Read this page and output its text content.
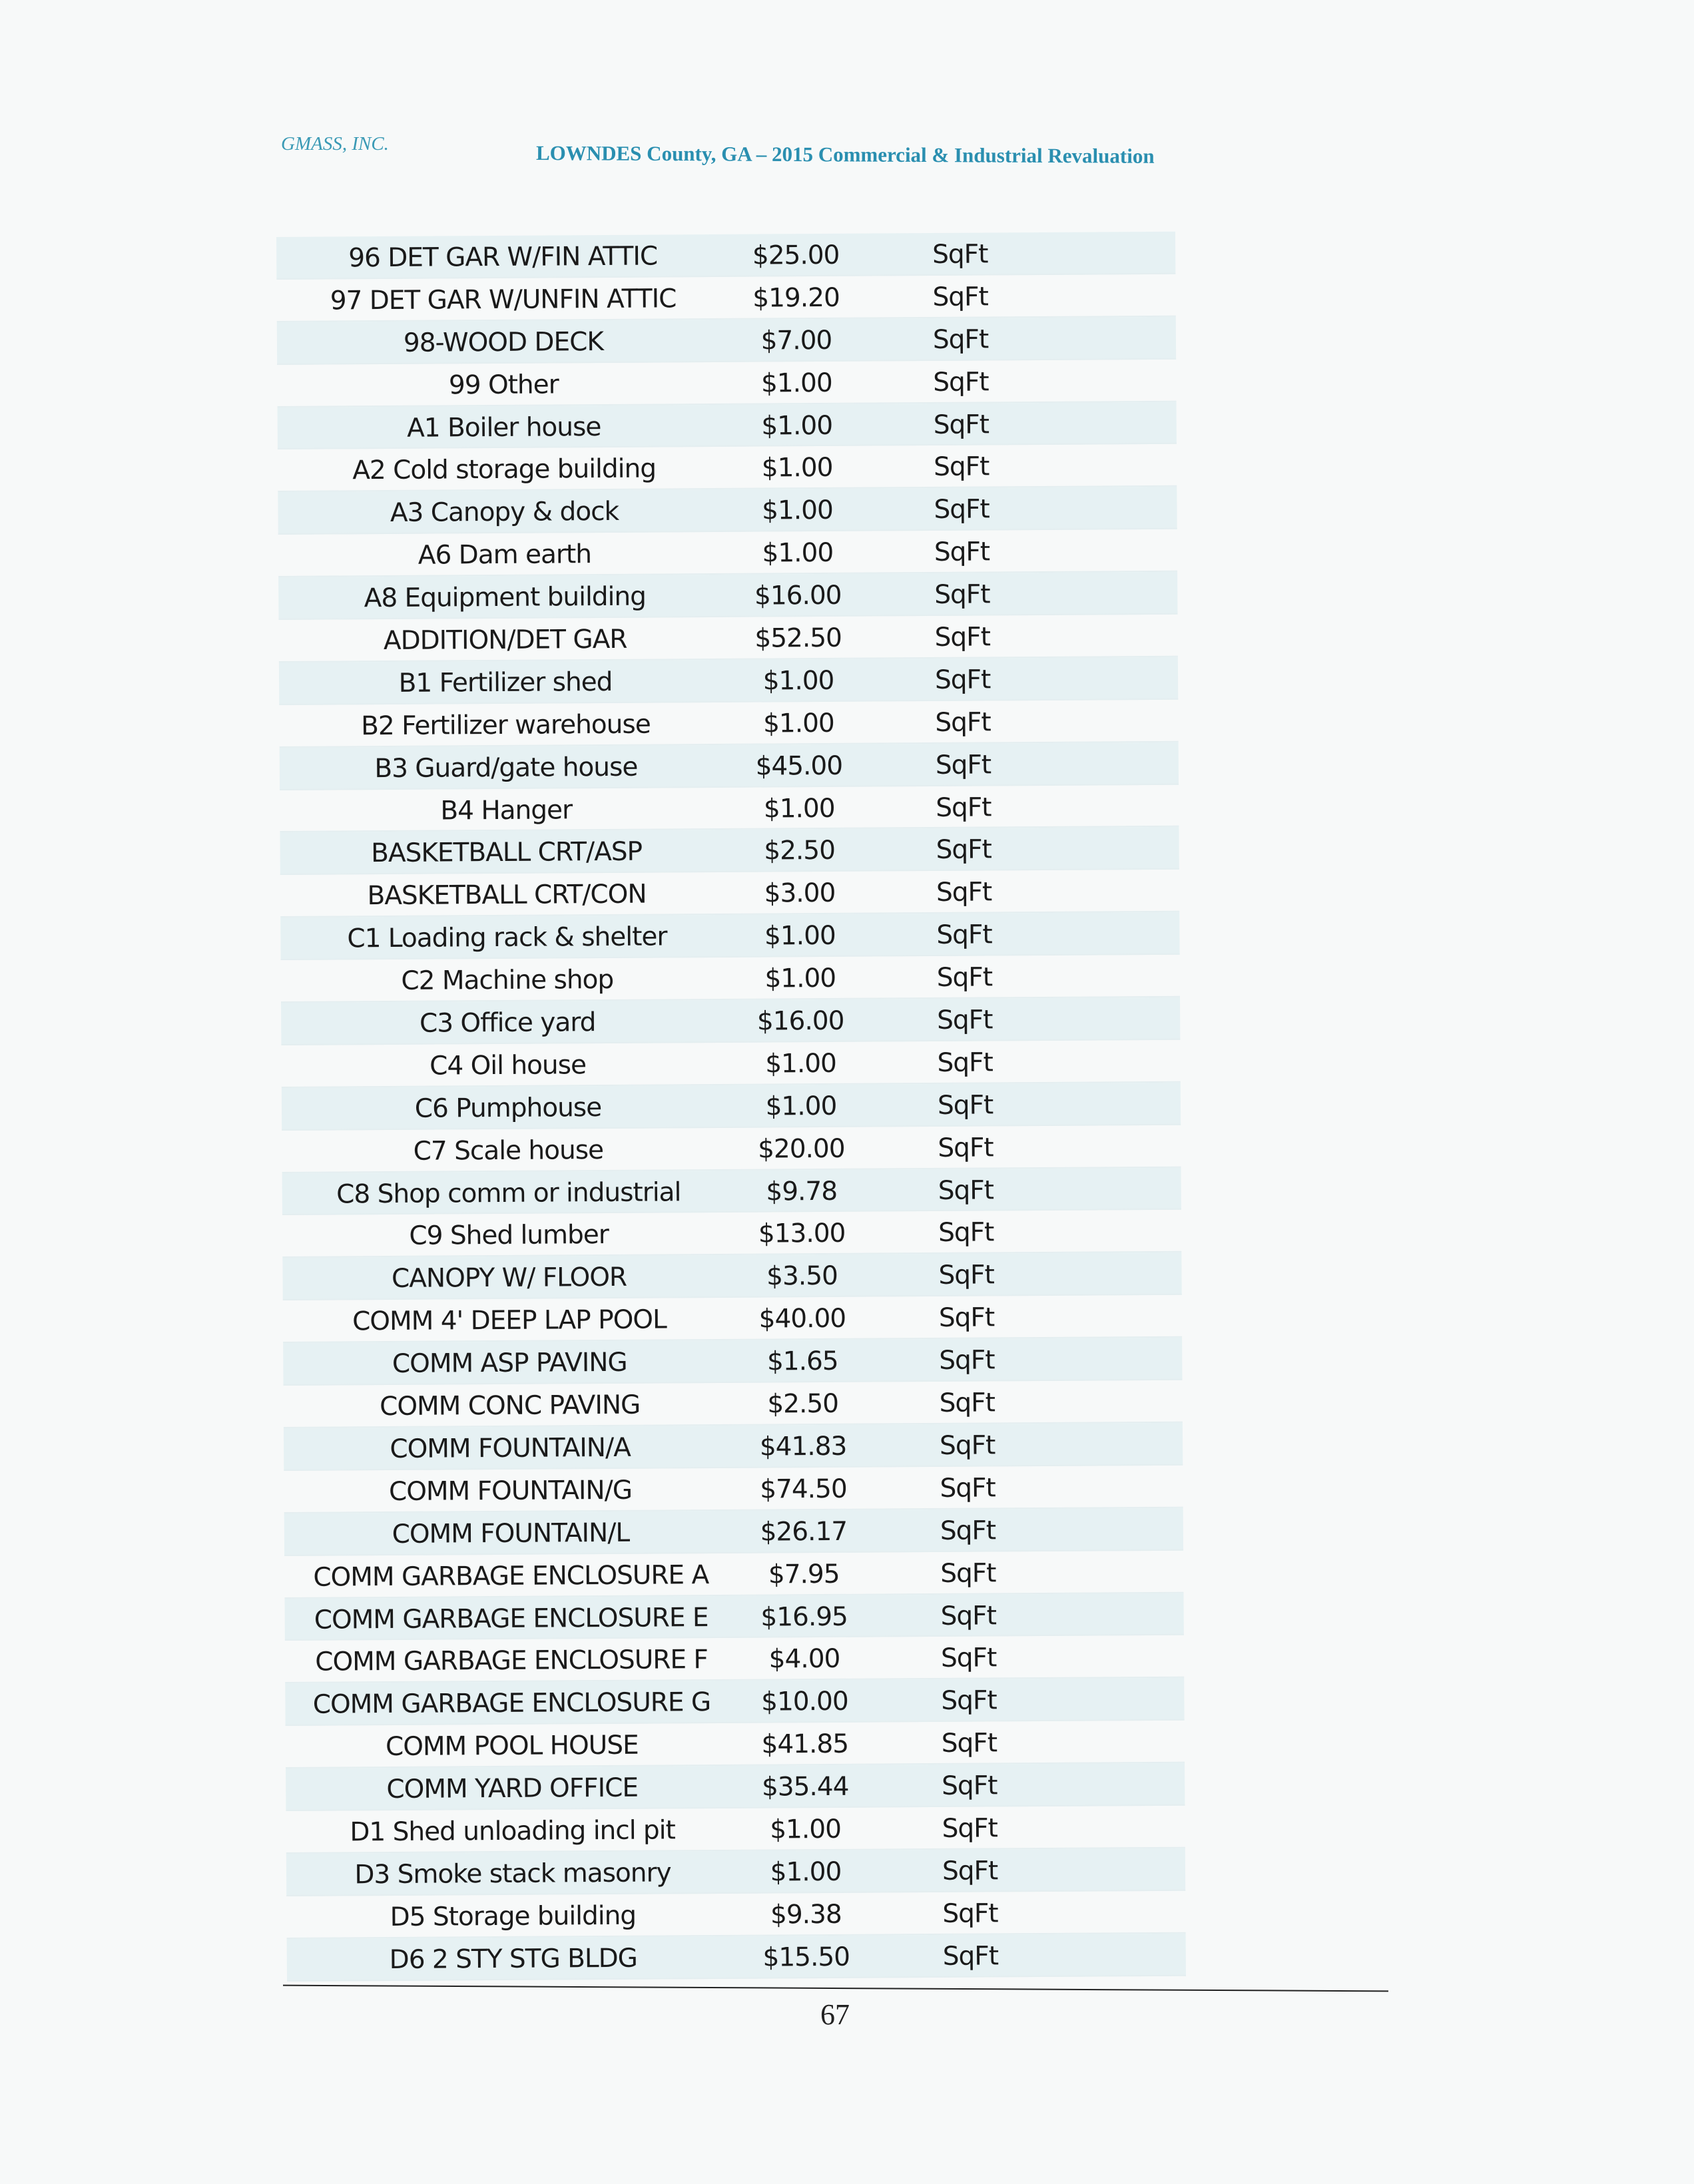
GMASS, INC.	LOWNDES County, GA – 2015 Commercial & Industrial Revaluation
96 DET GAR W/FIN ATTIC	$25.00	SqFt
97 DET GAR W/UNFIN ATTIC	$19.20	SqFt
98-WOOD DECK	$7.00	SqFt
99 Other	$1.00	SqFt
A1 Boiler house	$1.00	SqFt
A2 Cold storage building	$1.00	SqFt
A3 Canopy & dock	$1.00	SqFt
A6 Dam earth	$1.00	SqFt
A8 Equipment building	$16.00	SqFt
ADDITION/DET GAR	$52.50	SqFt
B1 Fertilizer shed	$1.00	SqFt
B2 Fertilizer warehouse	$1.00	SqFt
B3 Guard/gate house	$45.00	SqFt
B4 Hanger	$1.00	SqFt
BASKETBALL CRT/ASP	$2.50	SqFt
BASKETBALL CRT/CON	$3.00	SqFt
C1 Loading rack & shelter	$1.00	SqFt
C2 Machine shop	$1.00	SqFt
C3 Office yard	$16.00	SqFt
C4 Oil house	$1.00	SqFt
C6 Pumphouse	$1.00	SqFt
C7 Scale house	$20.00	SqFt
C8 Shop comm or industrial	$9.78	SqFt
C9 Shed lumber	$13.00	SqFt
CANOPY W/ FLOOR	$3.50	SqFt
COMM 4' DEEP LAP POOL	$40.00	SqFt
COMM ASP PAVING	$1.65	SqFt
COMM CONC PAVING	$2.50	SqFt
COMM FOUNTAIN/A	$41.83	SqFt
COMM FOUNTAIN/G	$74.50	SqFt
COMM FOUNTAIN/L	$26.17	SqFt
COMM GARBAGE ENCLOSURE A	$7.95	SqFt
COMM GARBAGE ENCLOSURE E	$16.95	SqFt
COMM GARBAGE ENCLOSURE F	$4.00	SqFt
COMM GARBAGE ENCLOSURE G	$10.00	SqFt
COMM POOL HOUSE	$41.85	SqFt
COMM YARD OFFICE	$35.44	SqFt
D1 Shed unloading incl pit	$1.00	SqFt
D3 Smoke stack masonry	$1.00	SqFt
D5 Storage building	$9.38	SqFt
D6 2 STY STG BLDG	$15.50	SqFt
67
